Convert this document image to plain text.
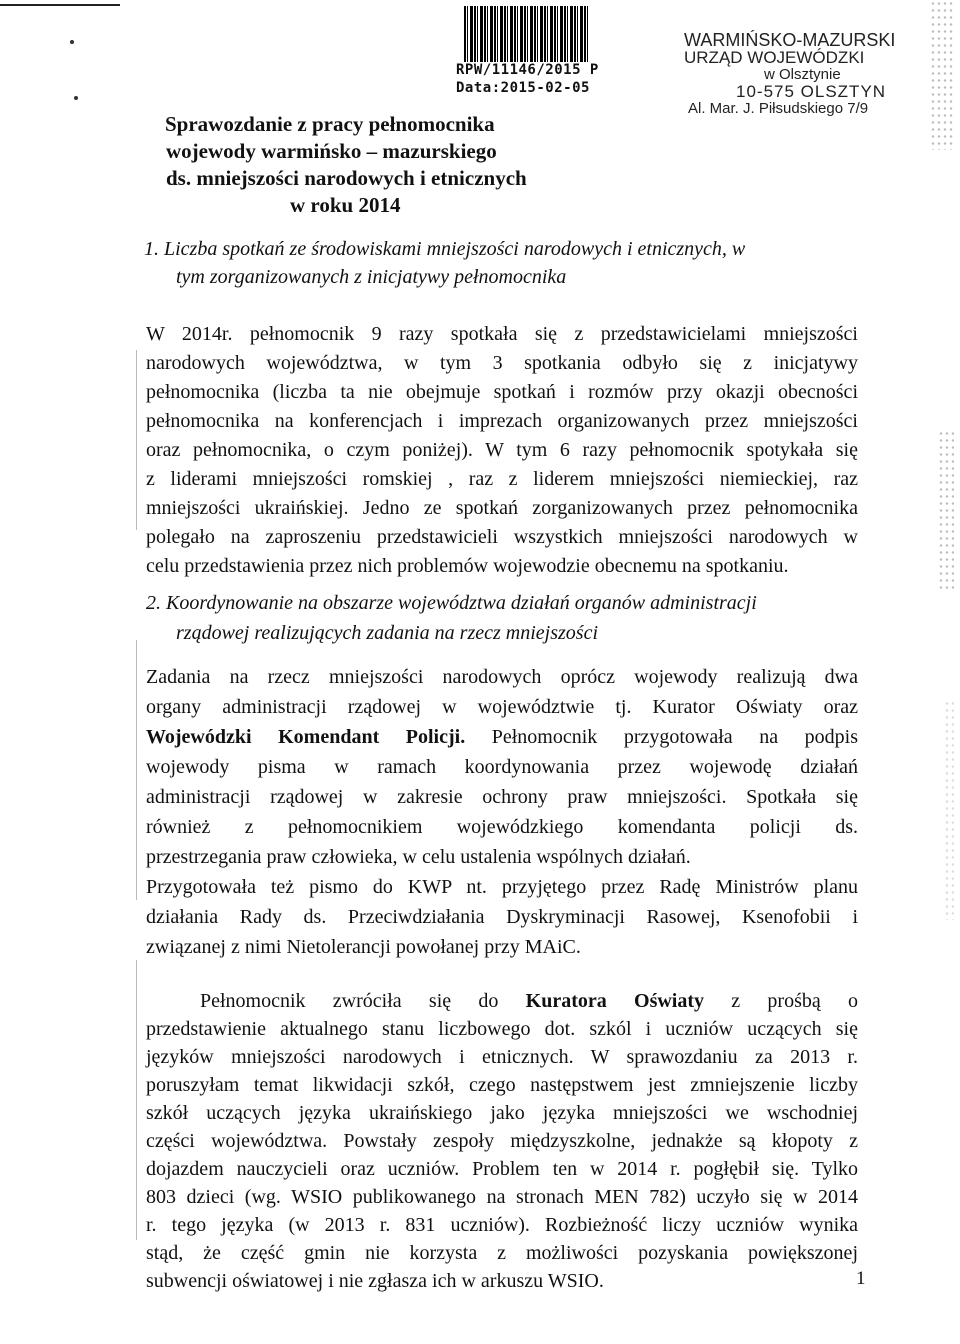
RPW/11146/2015 P
Data:2015-02-05
WARMIŃSKO-MAZURSKI
URZĄD WOJEWÓDZKI
w Olsztynie
10-575 OLSZTYN
Al. Mar. J. Piłsudskiego 7/9
Sprawozdanie z pracy pełnomocnika
wojewody warmińsko – mazurskiego
ds. mniejszości narodowych i etnicznych
w roku 2014
1. Liczba spotkań ze środowiskami mniejszości narodowych i etnicznych, w
tym zorganizowanych z inicjatywy pełnomocnika
W 2014r. pełnomocnik 9 razy spotkała się z przedstawicielami mniejszości
narodowych województwa, w tym 3 spotkania odbyło się z inicjatywy
pełnomocnika (liczba ta nie obejmuje spotkań i rozmów przy okazji obecności
pełnomocnika na konferencjach i imprezach organizowanych przez mniejszości
oraz pełnomocnika, o czym poniżej). W tym 6 razy pełnomocnik spotykała się
z liderami mniejszości romskiej , raz z liderem mniejszości niemieckiej, raz
mniejszości ukraińskiej. Jedno ze spotkań zorganizowanych przez pełnomocnika
polegało na zaproszeniu przedstawicieli wszystkich mniejszości narodowych w
celu przedstawienia przez nich problemów wojewodzie obecnemu na spotkaniu.
2. Koordynowanie na obszarze województwa działań organów administracji
rządowej realizujących zadania na rzecz mniejszości
Zadania na rzecz mniejszości narodowych oprócz wojewody realizują dwa
organy administracji rządowej w województwie tj. Kurator Oświaty oraz
Wojewódzki Komendant Policji. Pełnomocnik przygotowała na podpis
wojewody pisma w ramach koordynowania przez wojewodę działań
administracji rządowej w zakresie ochrony praw mniejszości. Spotkała się
również z pełnomocnikiem wojewódzkiego komendanta policji ds.
przestrzegania praw człowieka, w celu ustalenia wspólnych działań.
Przygotowała też pismo do KWP nt. przyjętego przez Radę Ministrów planu
działania Rady ds. Przeciwdziałania Dyskryminacji Rasowej, Ksenofobii i
związanej z nimi Nietolerancji powołanej przy MAiC.
Pełnomocnik zwróciła się do Kuratora Oświaty z prośbą o
przedstawienie aktualnego stanu liczbowego dot. szkól i uczniów uczących się
języków mniejszości narodowych i etnicznych. W sprawozdaniu za 2013 r.
poruszyłam temat likwidacji szkół, czego następstwem jest zmniejszenie liczby
szkół uczących języka ukraińskiego jako języka mniejszości we wschodniej
części województwa. Powstały zespoły międzyszkolne, jednakże są kłopoty z
dojazdem nauczycieli oraz uczniów. Problem ten w 2014 r. pogłębił się. Tylko
803 dzieci (wg. WSIO publikowanego na stronach MEN 782) uczyło się w 2014
r. tego języka (w 2013 r. 831 uczniów). Rozbieżność liczy uczniów wynika
stąd, że część gmin nie korzysta z możliwości pozyskania powiększonej
subwencji oświatowej i nie zgłasza ich w arkuszu WSIO.	1
